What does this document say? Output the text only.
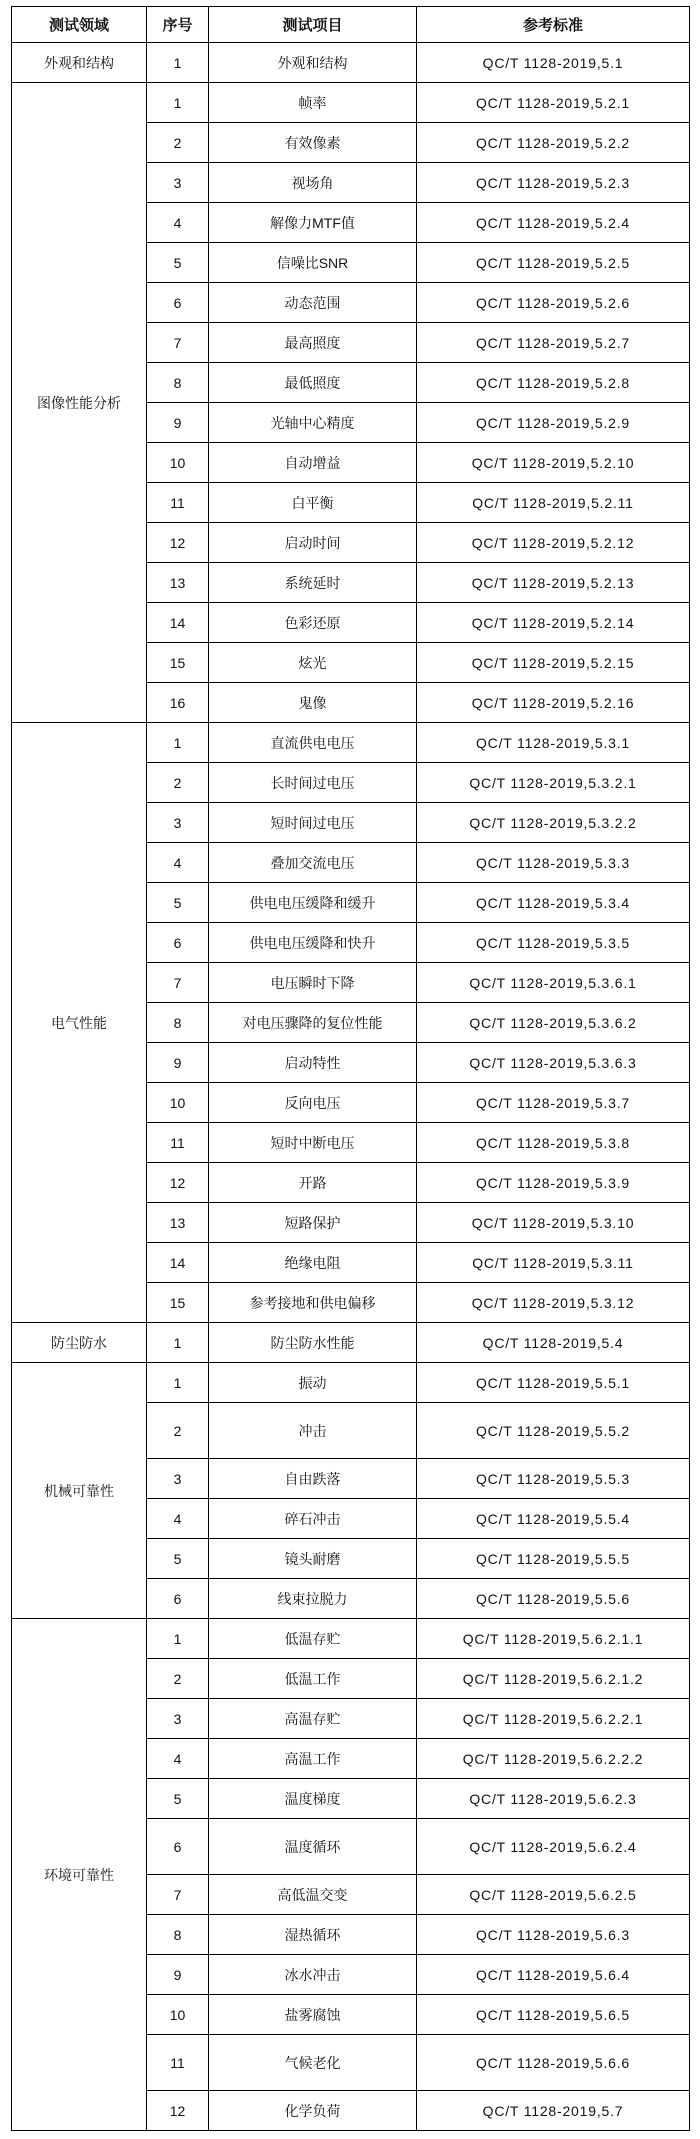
测试领域	序号	测试项目	参考标准
外观和结构	1	外观和结构	QC/T 1128-2019,5.1
图像性能分析	1	帧率	QC/T 1128-2019,5.2.1
	2	有效像素	QC/T 1128-2019,5.2.2
	3	视场角	QC/T 1128-2019,5.2.3
	4	解像力MTF值	QC/T 1128-2019,5.2.4
	5	信噪比SNR	QC/T 1128-2019,5.2.5
	6	动态范围	QC/T 1128-2019,5.2.6
	7	最高照度	QC/T 1128-2019,5.2.7
	8	最低照度	QC/T 1128-2019,5.2.8
	9	光轴中心精度	QC/T 1128-2019,5.2.9
	10	自动增益	QC/T 1128-2019,5.2.10
	11	白平衡	QC/T 1128-2019,5.2.11
	12	启动时间	QC/T 1128-2019,5.2.12
	13	系统延时	QC/T 1128-2019,5.2.13
	14	色彩还原	QC/T 1128-2019,5.2.14
	15	炫光	QC/T 1128-2019,5.2.15
	16	鬼像	QC/T 1128-2019,5.2.16
电气性能	1	直流供电电压	QC/T 1128-2019,5.3.1
	2	长时间过电压	QC/T 1128-2019,5.3.2.1
	3	短时间过电压	QC/T 1128-2019,5.3.2.2
	4	叠加交流电压	QC/T 1128-2019,5.3.3
	5	供电电压缓降和缓升	QC/T 1128-2019,5.3.4
	6	供电电压缓降和快升	QC/T 1128-2019,5.3.5
	7	电压瞬时下降	QC/T 1128-2019,5.3.6.1
	8	对电压骤降的复位性能	QC/T 1128-2019,5.3.6.2
	9	启动特性	QC/T 1128-2019,5.3.6.3
	10	反向电压	QC/T 1128-2019,5.3.7
	11	短时中断电压	QC/T 1128-2019,5.3.8
	12	开路	QC/T 1128-2019,5.3.9
	13	短路保护	QC/T 1128-2019,5.3.10
	14	绝缘电阻	QC/T 1128-2019,5.3.11
	15	参考接地和供电偏移	QC/T 1128-2019,5.3.12
防尘防水	1	防尘防水性能	QC/T 1128-2019,5.4
机械可靠性	1	振动	QC/T 1128-2019,5.5.1
	2	冲击	QC/T 1128-2019,5.5.2
	3	自由跌落	QC/T 1128-2019,5.5.3
	4	碎石冲击	QC/T 1128-2019,5.5.4
	5	镜头耐磨	QC/T 1128-2019,5.5.5
	6	线束拉脱力	QC/T 1128-2019,5.5.6
环境可靠性	1	低温存贮	QC/T 1128-2019,5.6.2.1.1
	2	低温工作	QC/T 1128-2019,5.6.2.1.2
	3	高温存贮	QC/T 1128-2019,5.6.2.2.1
	4	高温工作	QC/T 1128-2019,5.6.2.2.2
	5	温度梯度	QC/T 1128-2019,5.6.2.3
	6	温度循环	QC/T 1128-2019,5.6.2.4
	7	高低温交变	QC/T 1128-2019,5.6.2.5
	8	湿热循环	QC/T 1128-2019,5.6.3
	9	冰水冲击	QC/T 1128-2019,5.6.4
	10	盐雾腐蚀	QC/T 1128-2019,5.6.5
	11	气候老化	QC/T 1128-2019,5.6.6
	12	化学负荷	QC/T 1128-2019,5.7
